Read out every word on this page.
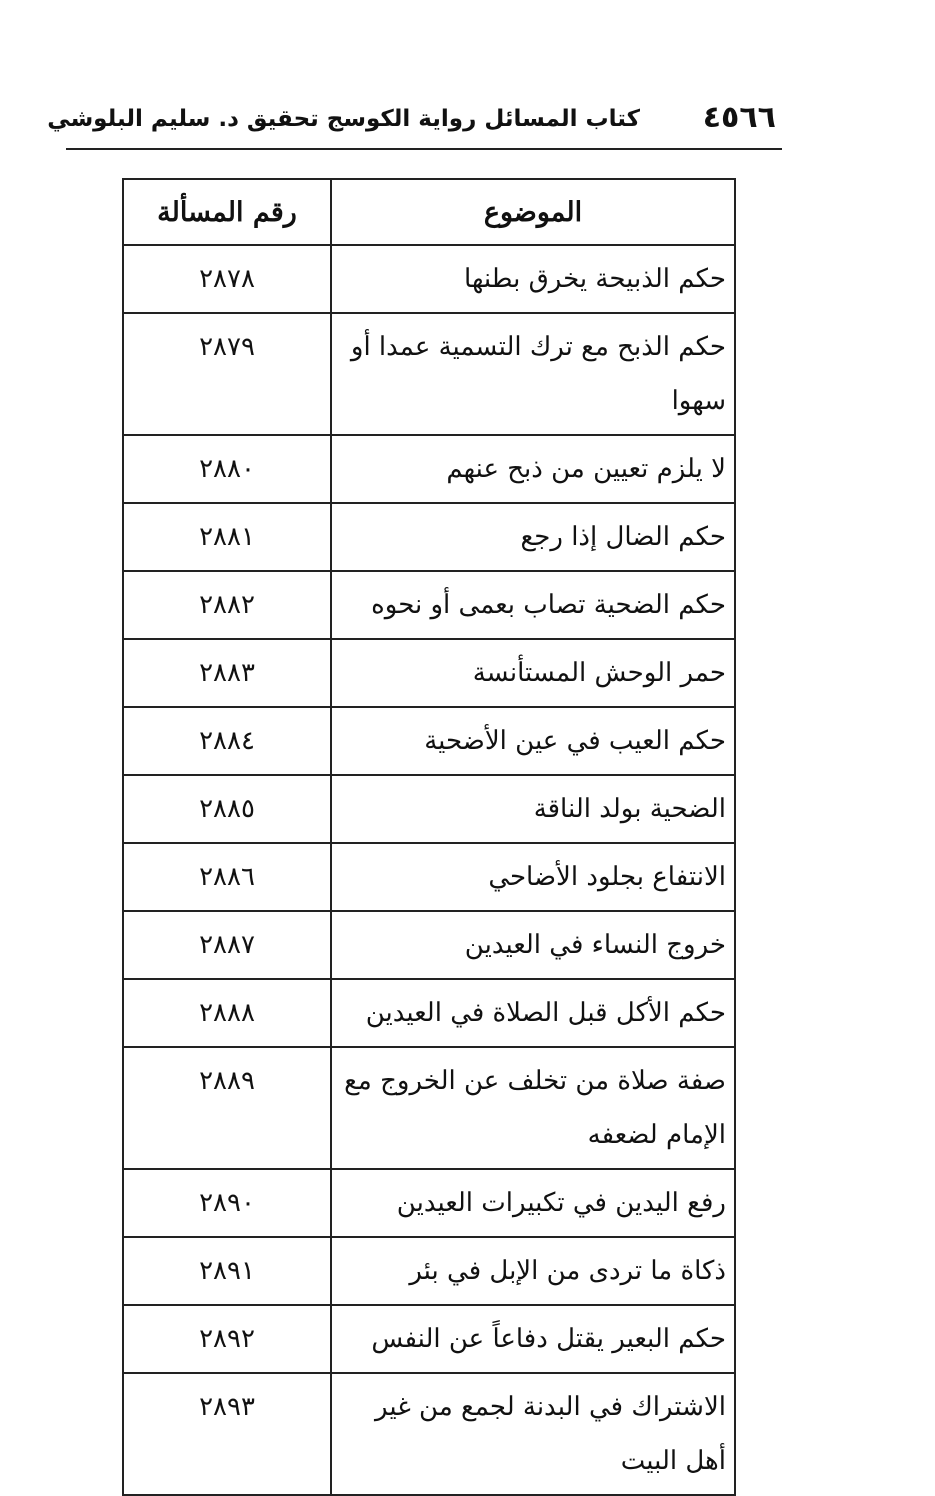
٤٥٦٦
كتاب المسائل رواية الكوسج تحقيق د. سليم البلوشي
الموضوع	رقم المسألة
حكم الذبيحة يخرق بطنها	٢٨٧٨
حكم الذبح مع ترك التسمية عمدا أو سهوا	٢٨٧٩
لا يلزم تعيين من ذبح عنهم	٢٨٨٠
حكم الضال إذا رجع	٢٨٨١
حكم الضحية تصاب بعمى أو نحوه	٢٨٨٢
حمر الوحش المستأنسة	٢٨٨٣
حكم العيب في عين الأضحية	٢٨٨٤
الضحية بولد الناقة	٢٨٨٥
الانتفاع بجلود الأضاحي	٢٨٨٦
خروج النساء في العيدين	٢٨٨٧
حكم الأكل قبل الصلاة في العيدين	٢٨٨٨
صفة صلاة من تخلف عن الخروج مع الإمام لضعفه	٢٨٨٩
رفع اليدين في تكبيرات العيدين	٢٨٩٠
ذكاة ما تردى من الإبل في بئر	٢٨٩١
حكم البعير يقتل دفاعاً عن النفس	٢٨٩٢
الاشتراك في البدنة لجمع من غير أهل البيت	٢٨٩٣
